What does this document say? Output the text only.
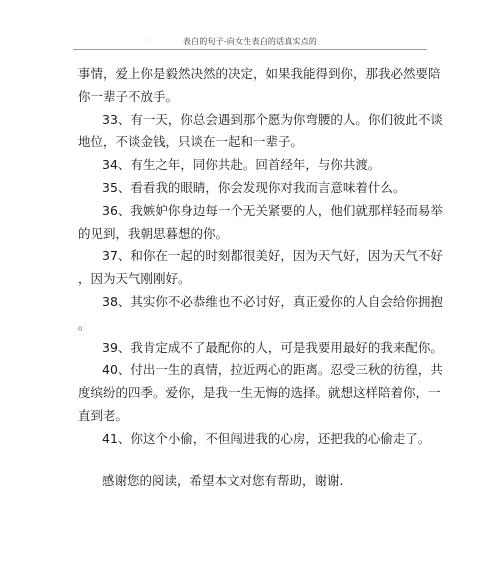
·	表白的句子-向女生表白的话真实点的
事情，爱上你是毅然决然的决定，如果我能得到你，那我必然要陪
你一辈子不放手。
33、有一天，你总会遇到那个愿为你弯腰的人。你们彼此不谈
地位，不谈金钱，只谈在一起和一辈子。
34、有生之年，同你共赴。回首经年，与你共渡。
35、看看我的眼睛，你会发现你对我而言意味着什么。
36、我嫉妒你身边每一个无关紧要的人，他们就那样轻而易举
的见到，我朝思暮想的你。
37、和你在一起的时刻都很美好，因为天气好，因为天气不好
，因为天气刚刚好。
38、其实你不必恭维也不必讨好，真正爱你的人自会给你拥抱
。
39、我肯定成不了最配你的人，可是我要用最好的我来配你。
40、付出一生的真情，拉近两心的距离。忍受三秋的彷徨，共
度缤纷的四季。爱你，是我一生无悔的选择。就想这样陪着你，一
直到老。
41、你这个小偷，不但闯进我的心房，还把我的心偷走了。
感谢您的阅读，希望本文对您有帮助，谢谢.
